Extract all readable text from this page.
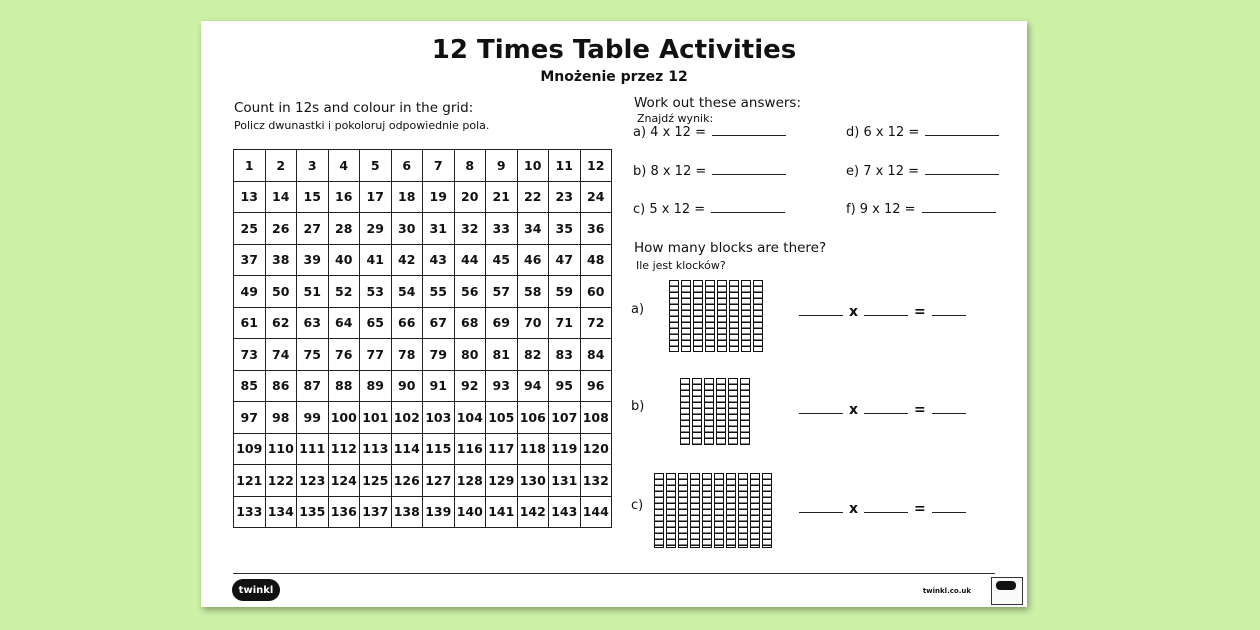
12 Times Table Activities
Mnożenie przez 12
Count in 12s and colour in the grid:
Policz dwunastki i pokoloruj odpowiednie pola.
1	2	3	4	5	6	7	8	9	10	11	12
13	14	15	16	17	18	19	20	21	22	23	24
25	26	27	28	29	30	31	32	33	34	35	36
37	38	39	40	41	42	43	44	45	46	47	48
49	50	51	52	53	54	55	56	57	58	59	60
61	62	63	64	65	66	67	68	69	70	71	72
73	74	75	76	77	78	79	80	81	82	83	84
85	86	87	88	89	90	91	92	93	94	95	96
97	98	99	100	101	102	103	104	105	106	107	108
109	110	111	112	113	114	115	116	117	118	119	120
121	122	123	124	125	126	127	128	129	130	131	132
133	134	135	136	137	138	139	140	141	142	143	144
Work out these answers:
Znajdź wynik:
a) 4 x 12 =
b) 8 x 12 =
c) 5 x 12 =
d) 6 x 12 =
e) 7 x 12 =
f) 9 x 12 =
How many blocks are there?
Ile jest klocków?
a)	x	=
b)	x	=
c)	x	=
twinkl	twinkl.co.uk
